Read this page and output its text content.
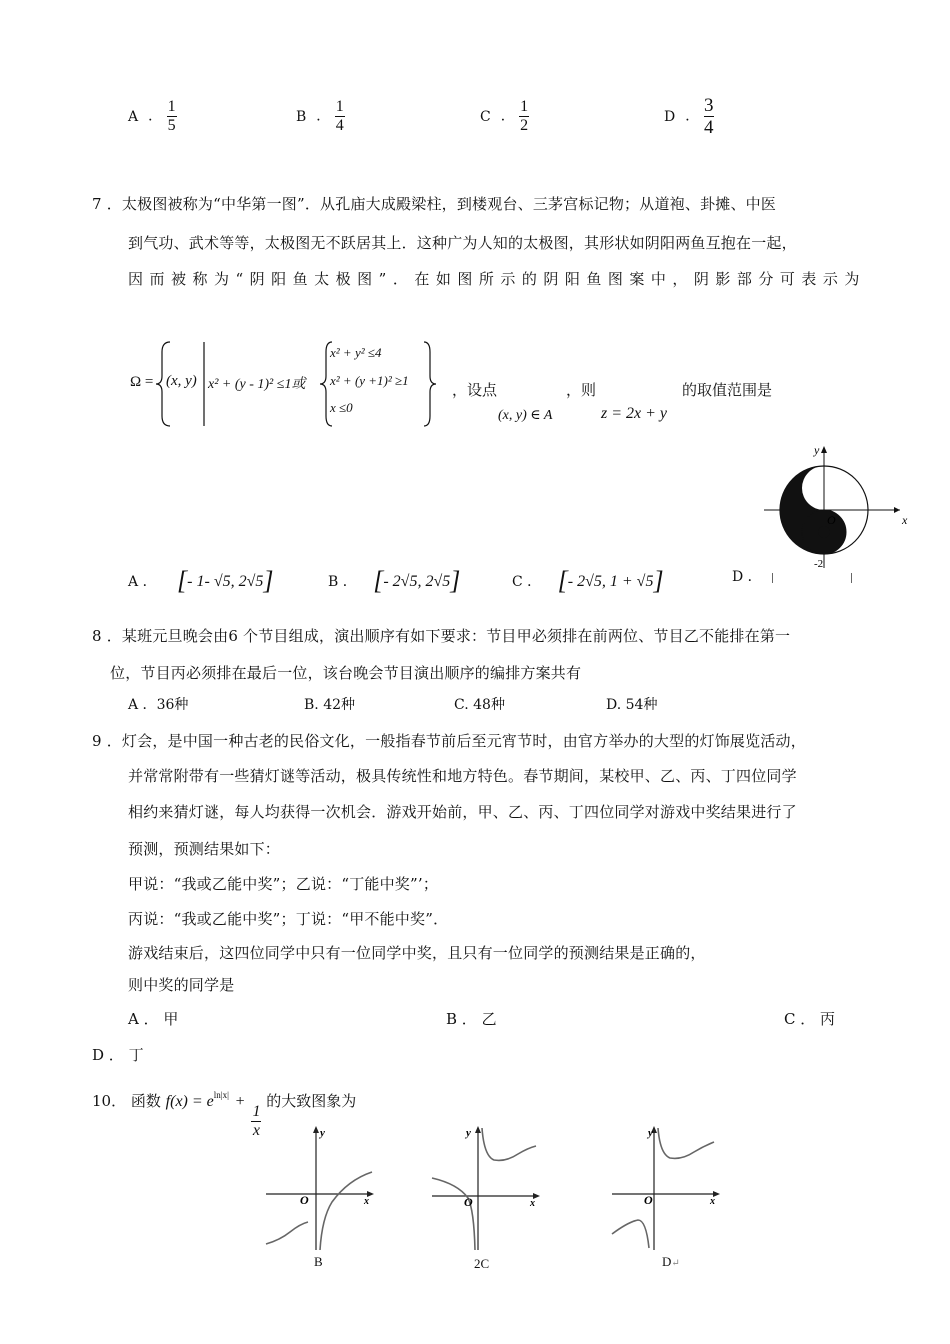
A ． $\frac{1}{5}$	B ． $\frac{1}{4}$	C ． $\frac{1}{2}$	D ． $\frac{3}{4}$
7 ．太极图被称为“中华第一图”．从孔庙大成殿梁柱，到楼观台、三茅宫标记物；从道袍、卦摊、中医
到气功、武术等等，太极图无不跃居其上．这种广为人知的太极图，其形状如阴阳两鱼互抱在一起，
因而被称为“阴阳鱼太极图”．在如图所示的阴阳鱼图案中，阴影部分可表示为
Ω = (x, y) x² + (y - 1)² ≤1或
x² + y² ≤4
x² + (y +1)² ≥1
x ≤0
，设点	，则	的取值范围是
(x, y) ∈ A	z = 2x + y
y
x
O
-2
A ． [- 1- √5, 2√5]	B ． [- 2√5, 2√5]	C ． [- 2√5, 1 + √5]	D ．
8 ．某班元旦晚会由6 个节目组成，演出顺序有如下要求：节目甲必须排在前两位、节目乙不能排在第一
位，节目丙必须排在最后一位，该台晚会节目演出顺序的编排方案共有
A ．36种	B. 42种	C. 48种	D. 54种
9 ．灯会，是中国一种古老的民俗文化，一般指春节前后至元宵节时，由官方举办的大型的灯饰展览活动，
并常常附带有一些猜灯谜等活动，极具传统性和地方特色。春节期间，某校甲、乙、丙、丁四位同学
相约来猜灯谜，每人均获得一次机会．游戏开始前，甲、乙、丙、丁四位同学对游戏中奖结果进行了
预测，预测结果如下：
甲说：“我或乙能中奖”；乙说：“丁能中奖”’；
丙说：“我或乙能中奖”；丁说：“甲不能中奖”．
游戏结束后，这四位同学中只有一位同学中奖，且只有一位同学的预测结果是正确的，
则中奖的同学是
A ． 甲	B ． 乙	C ． 丙
D ． 丁
10． 函数 $f(x) = e^{ln|x|}$ +
$\frac{1}{x}$
的大致图象为
y
x
O
B
y
x
O
2C
y
x
O
D↵
